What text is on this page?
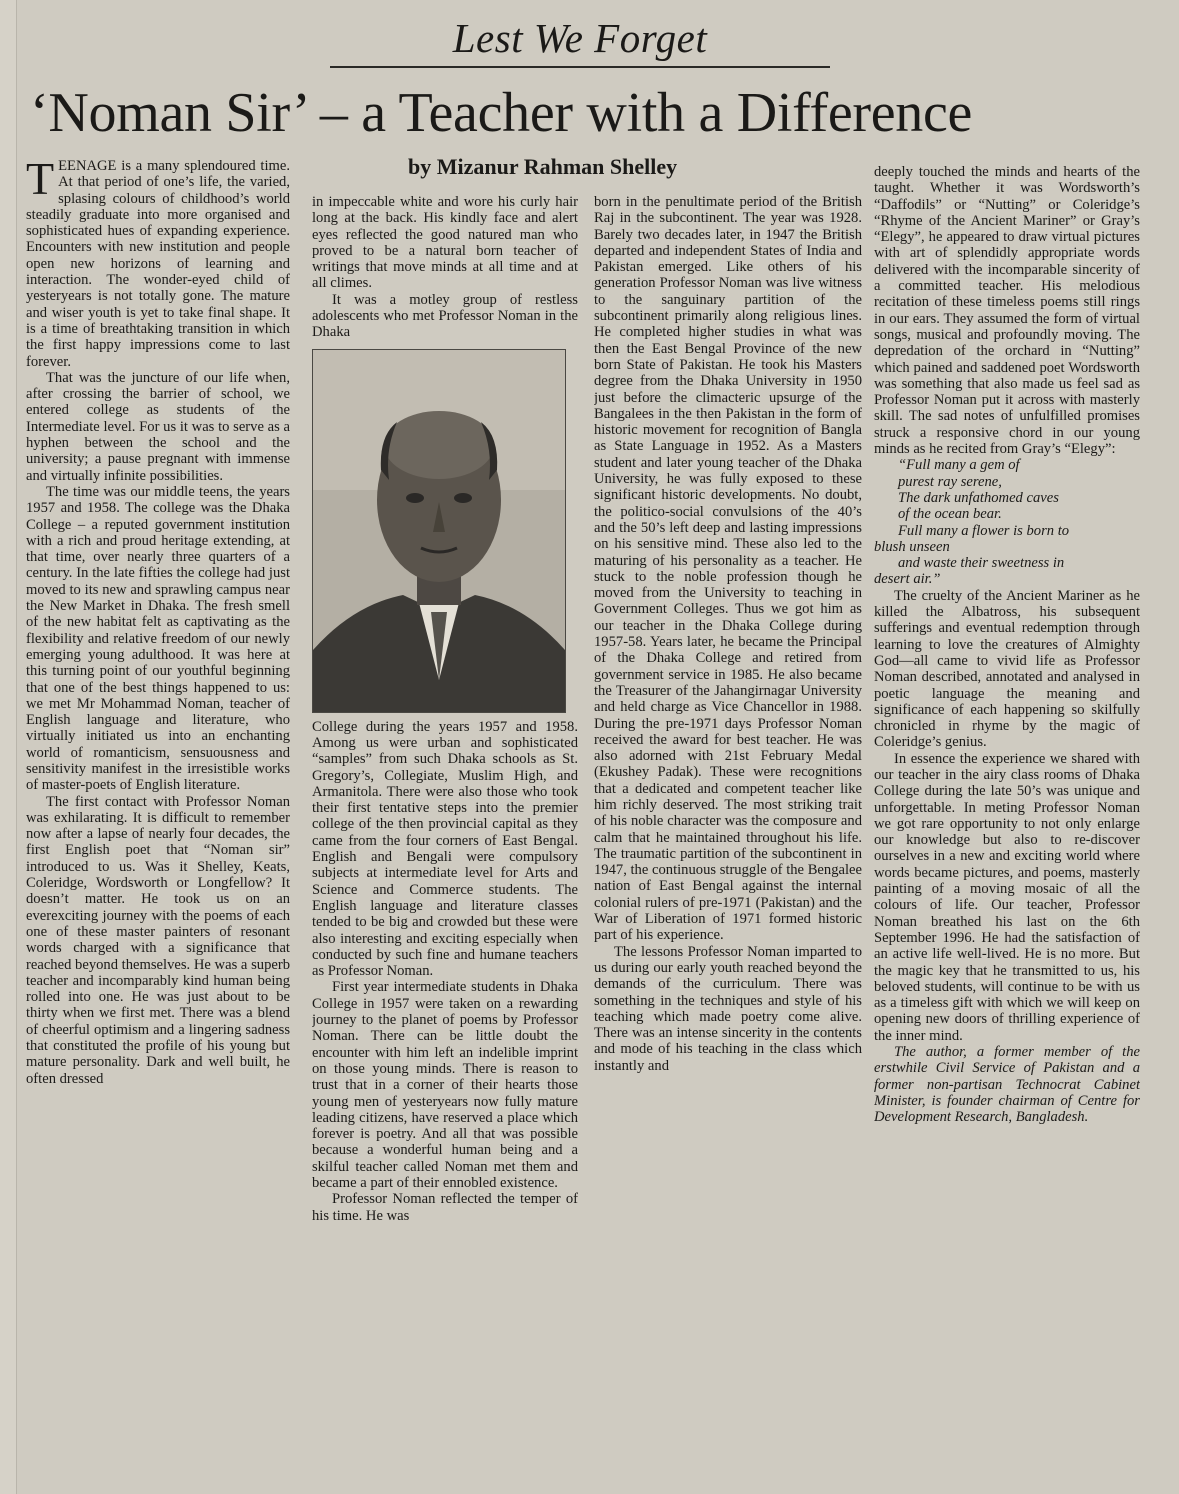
Lest We Forget
‘Noman Sir’ – a Teacher with a Difference
by Mizanur Rahman Shelley

TEENAGE is a many splendoured time. At that period of one’s life, the varied, splasing colours of childhood’s world steadily graduate into more organised and sophisticated hues of expanding experience. Encounters with new institution and people open new horizons of learning and interaction. The wonder-eyed child of yesteryears is not totally gone. The mature and wiser youth is yet to take final shape. It is a time of breathtaking transition in which the first happy impressions come to last forever.

That was the juncture of our life when, after crossing the barrier of school, we entered college as students of the Intermediate level. For us it was to serve as a hyphen between the school and the university; a pause pregnant with immense and virtually infinite possibilities.

The time was our middle teens, the years 1957 and 1958. The college was the Dhaka College – a reputed government institution with a rich and proud heritage extending, at that time, over nearly three quarters of a century. In the late fifties the college had just moved to its new and sprawling campus near the New Market in Dhaka. The fresh smell of the new habitat felt as captivating as the flexibility and relative freedom of our newly emerging young adulthood. It was here at this turning point of our youthful beginning that one of the best things happened to us: we met Mr Mohammad Noman, teacher of English language and literature, who virtually initiated us into an enchanting world of romanticism, sensuousness and sensitivity manifest in the irresistible works of master-poets of English literature.

The first contact with Professor Noman was exhilarating. It is difficult to remember now after a lapse of nearly four decades, the first English poet that “Noman sir” introduced to us. Was it Shelley, Keats, Coleridge, Wordsworth or Longfellow? It doesn’t matter. He took us on an everexciting journey with the poems of each one of these master painters of resonant words charged with a significance that reached beyond themselves. He was a superb teacher and incomparably kind human being rolled into one. He was just about to be thirty when we first met. There was a blend of cheerful optimism and a lingering sadness that constituted the profile of his young but mature personality. Dark and well built, he often dressed

in impeccable white and wore his curly hair long at the back. His kindly face and alert eyes reflected the good natured man who proved to be a natural born teacher of writings that move minds at all time and at all climes.

It was a motley group of restless adolescents who met Professor Noman in the Dhaka

College during the years 1957 and 1958. Among us were urban and sophisticated “samples” from such Dhaka schools as St. Gregory’s, Collegiate, Muslim High, and Armanitola. There were also those who took their first tentative steps into the premier college of the then provincial capital as they came from the four corners of East Bengal. English and Bengali were compulsory subjects at intermediate level for Arts and Science and Commerce students. The English language and literature classes tended to be big and crowded but these were also interesting and exciting especially when conducted by such fine and humane teachers as Professor Noman.

First year intermediate students in Dhaka College in 1957 were taken on a rewarding journey to the planet of poems by Professor Noman. There can be little doubt the encounter with him left an indelible imprint on those young minds. There is reason to trust that in a corner of their hearts those young men of yesteryears now fully mature leading citizens, have reserved a place which forever is poetry. And all that was possible because a wonderful human being and a skilful teacher called Noman met them and became a part of their ennobled existence.

Professor Noman reflected the temper of his time. He was

born in the penultimate period of the British Raj in the subcontinent. The year was 1928. Barely two decades later, in 1947 the British departed and independent States of India and Pakistan emerged. Like others of his generation Professor Noman was live witness to the sanguinary partition of the subcontinent primarily along religious lines. He completed higher studies in what was then the East Bengal Province of the new born State of Pakistan. He took his Masters degree from the Dhaka University in 1950 just before the climacteric upsurge of the Bangalees in the then Pakistan in the form of historic movement for recognition of Bangla as State Language in 1952. As a Masters student and later young teacher of the Dhaka University, he was fully exposed to these significant historic developments. No doubt, the politico-social convulsions of the 40’s and the 50’s left deep and lasting impressions on his sensitive mind. These also led to the maturing of his personality as a teacher. He stuck to the noble profession though he moved from the University to teaching in Government Colleges. Thus we got him as our teacher in the Dhaka College during 1957-58. Years later, he became the Principal of the Dhaka College and retired from government service in 1985. He also became the Treasurer of the Jahangirnagar University and held charge as Vice Chancellor in 1988. During the pre-1971 days Professor Noman received the award for best teacher. He was also adorned with 21st February Medal (Ekushey Padak). These were recognitions that a dedicated and competent teacher like him richly deserved. The most striking trait of his noble character was the composure and calm that he maintained throughout his life. The traumatic partition of the subcontinent in 1947, the continuous struggle of the Bengalee nation of East Bengal against the internal colonial rulers of pre-1971 (Pakistan) and the War of Liberation of 1971 formed historic part of his experience.

The lessons Professor Noman imparted to us during our early youth reached beyond the demands of the curriculum. There was something in the techniques and style of his teaching which made poetry come alive. There was an intense sincerity in the contents and mode of his teaching in the class which instantly and

deeply touched the minds and hearts of the taught. Whether it was Wordsworth’s “Daffodils” or “Nutting” or Coleridge’s “Rhyme of the Ancient Mariner” or Gray’s “Elegy”, he appeared to draw virtual pictures with art of splendidly appropriate words delivered with the incomparable sincerity of a committed teacher. His melodious recitation of these timeless poems still rings in our ears. They assumed the form of virtual songs, musical and profoundly moving. The depredation of the orchard in “Nutting” which pained and saddened poet Wordsworth was something that also made us feel sad as Professor Noman put it across with masterly skill. The sad notes of unfulfilled promises struck a responsive chord in our young minds as he recited from Gray’s “Elegy”:

“Full many a gem of

purest ray serene,

The dark unfathomed caves

of the ocean bear.

Full many a flower is born to

blush unseen

and waste their sweetness in

desert air.”

The cruelty of the Ancient Mariner as he killed the Albatross, his subsequent sufferings and eventual redemption through learning to love the creatures of Almighty God—all came to vivid life as Professor Noman described, annotated and analysed in poetic language the meaning and significance of each happening so skilfully chronicled in rhyme by the magic of Coleridge’s genius.

In essence the experience we shared with our teacher in the airy class rooms of Dhaka College during the late 50’s was unique and unforgettable. In meting Professor Noman we got rare opportunity to not only enlarge our knowledge but also to re-discover ourselves in a new and exciting world where words became pictures, and poems, masterly painting of a moving mosaic of all the colours of life. Our teacher, Professor Noman breathed his last on the 6th September 1996. He had the satisfaction of an active life well-lived. He is no more. But the magic key that he transmitted to us, his beloved students, will continue to be with us as a timeless gift with which we will keep on opening new doors of thrilling experience of the inner mind.

The author, a former member of the erstwhile Civil Service of Pakistan and a former non-partisan Technocrat Cabinet Minister, is founder chairman of Centre for Development Research, Bangladesh.
